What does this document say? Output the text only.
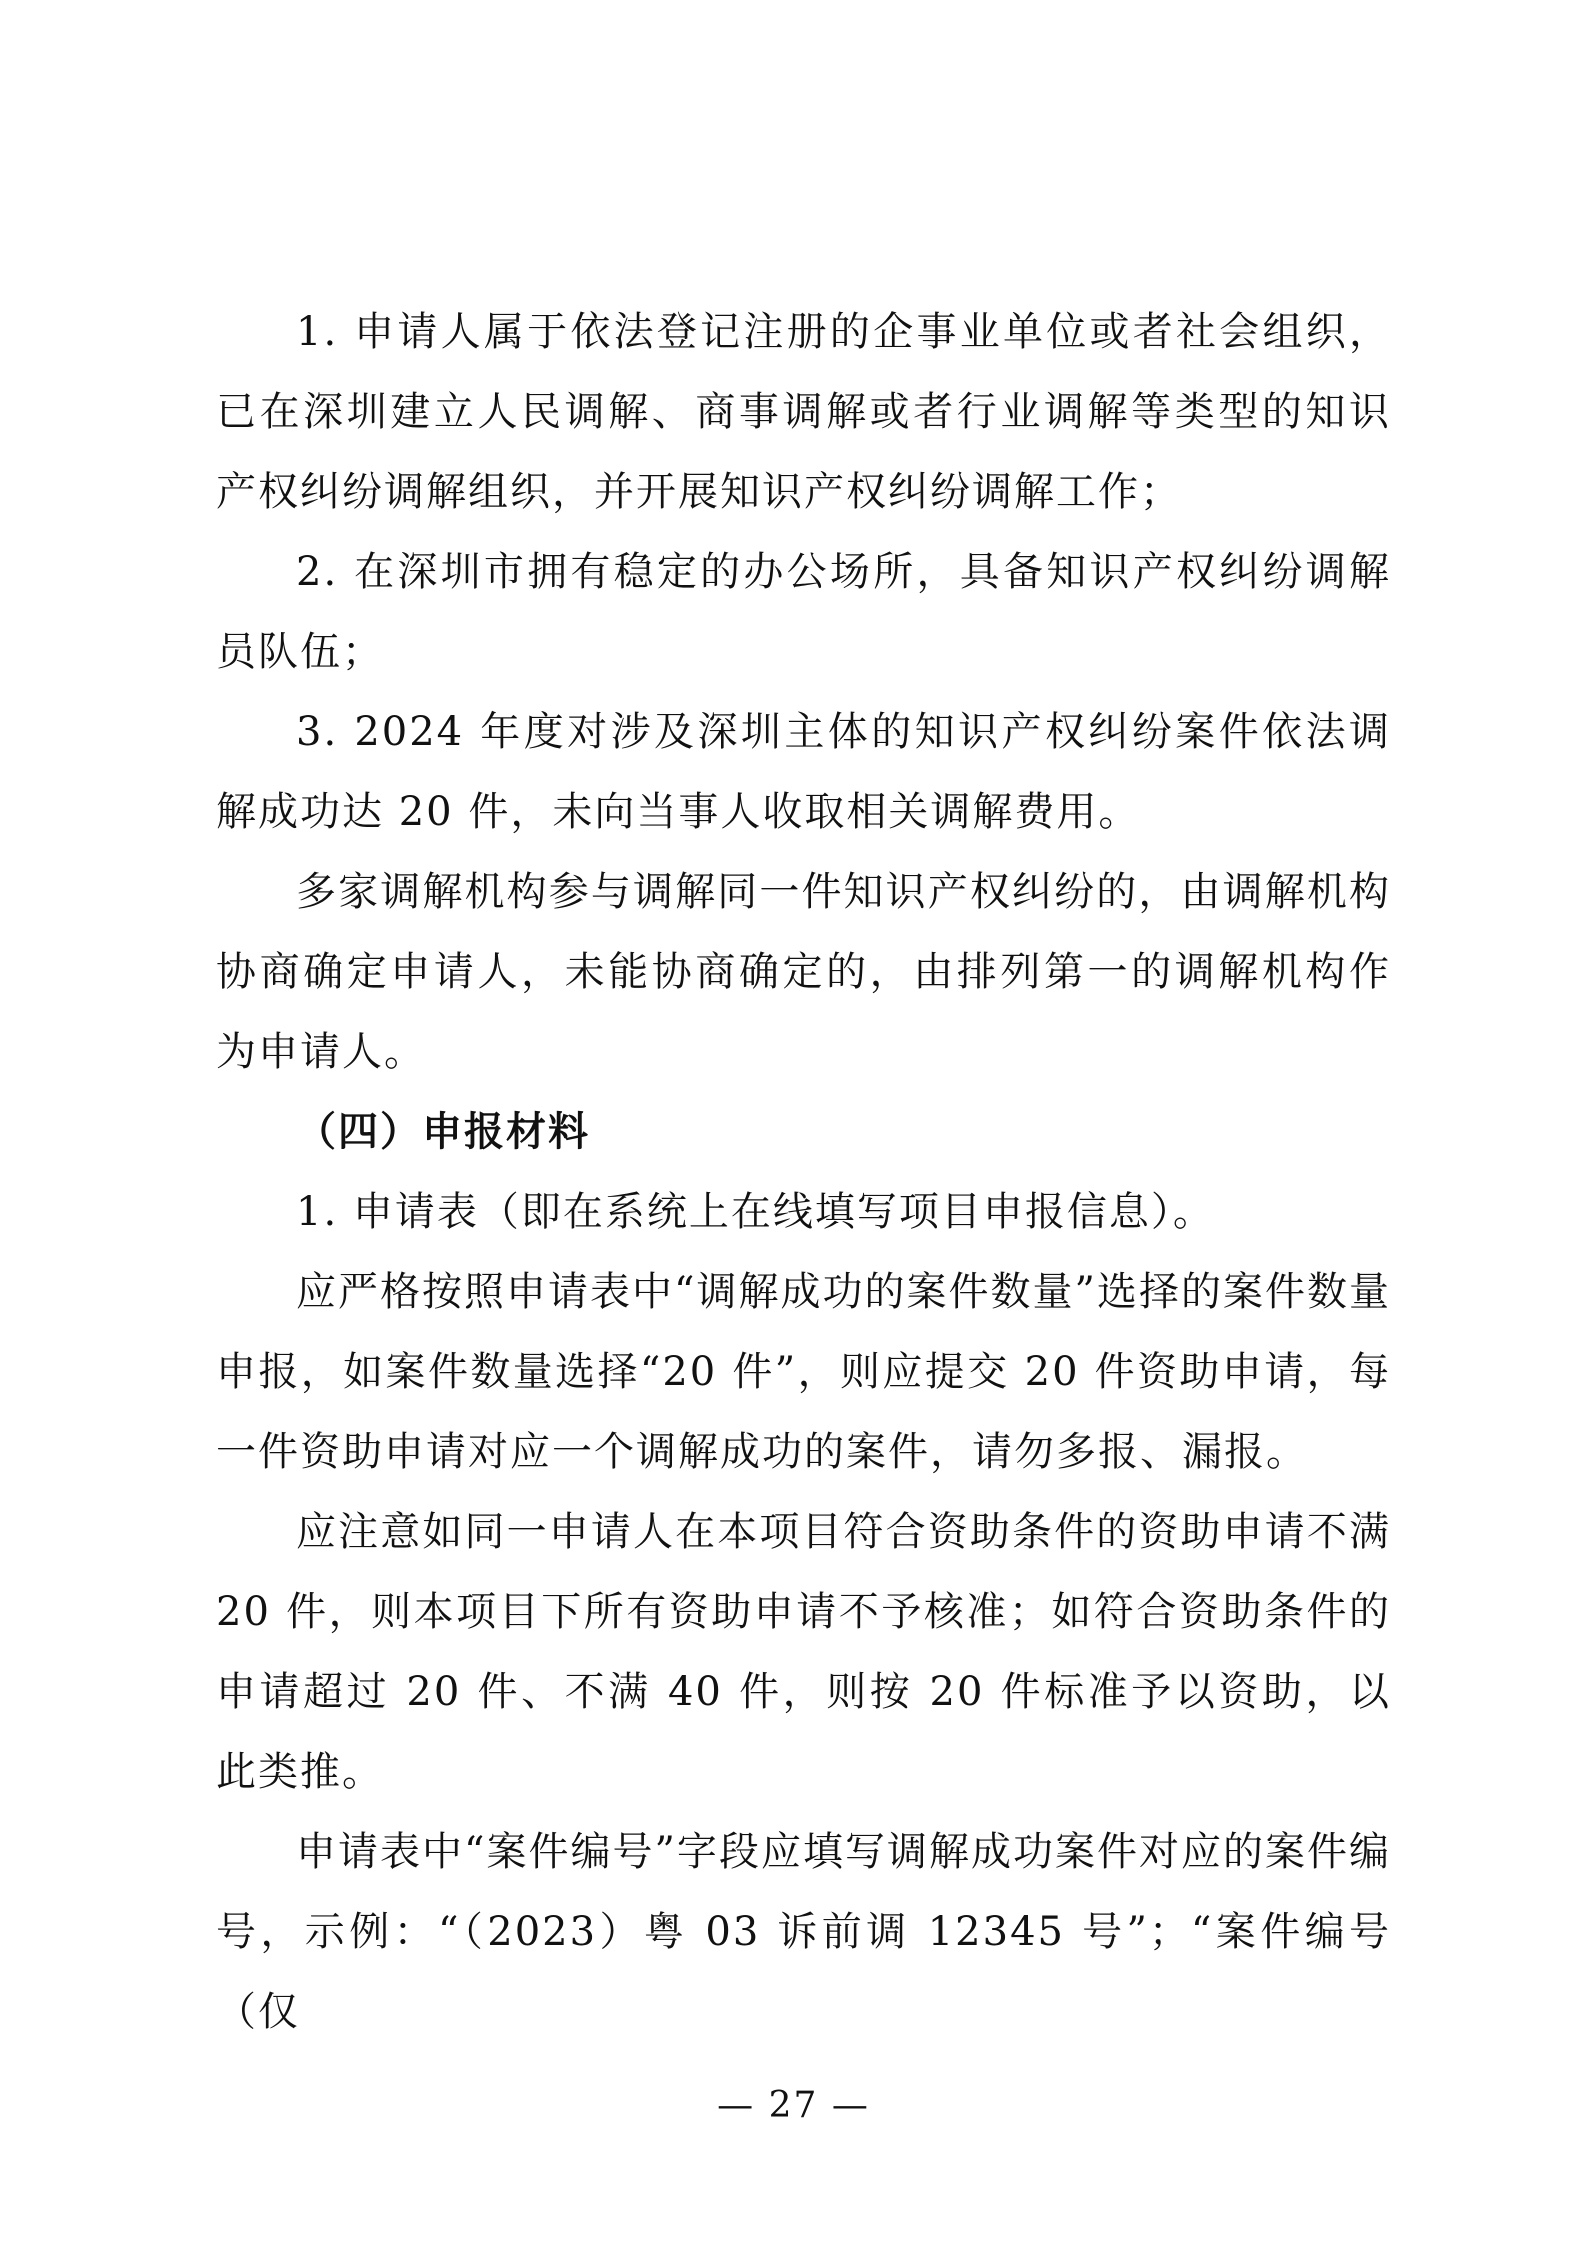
1. 申请人属于依法登记注册的企事业单位或者社会组织，已在深圳建立人民调解、商事调解或者行业调解等类型的知识产权纠纷调解组织，并开展知识产权纠纷调解工作；

2. 在深圳市拥有稳定的办公场所，具备知识产权纠纷调解员队伍；

3. 2024 年度对涉及深圳主体的知识产权纠纷案件依法调解成功达 20 件，未向当事人收取相关调解费用。

多家调解机构参与调解同一件知识产权纠纷的，由调解机构协商确定申请人，未能协商确定的，由排列第一的调解机构作为申请人。

（四）申报材料

1. 申请表（即在系统上在线填写项目申报信息）。

应严格按照申请表中“调解成功的案件数量”选择的案件数量申报，如案件数量选择“20 件”，则应提交 20 件资助申请，每一件资助申请对应一个调解成功的案件，请勿多报、漏报。

应注意如同一申请人在本项目符合资助条件的资助申请不满 20 件，则本项目下所有资助申请不予核准；如符合资助条件的申请超过 20 件、不满 40 件，则按 20 件标准予以资助，以此类推。

申请表中“案件编号”字段应填写调解成功案件对应的案件编号，示例：“（2023）粤 03 诉前调 12345 号”；“案件编号（仅

— 27 —
